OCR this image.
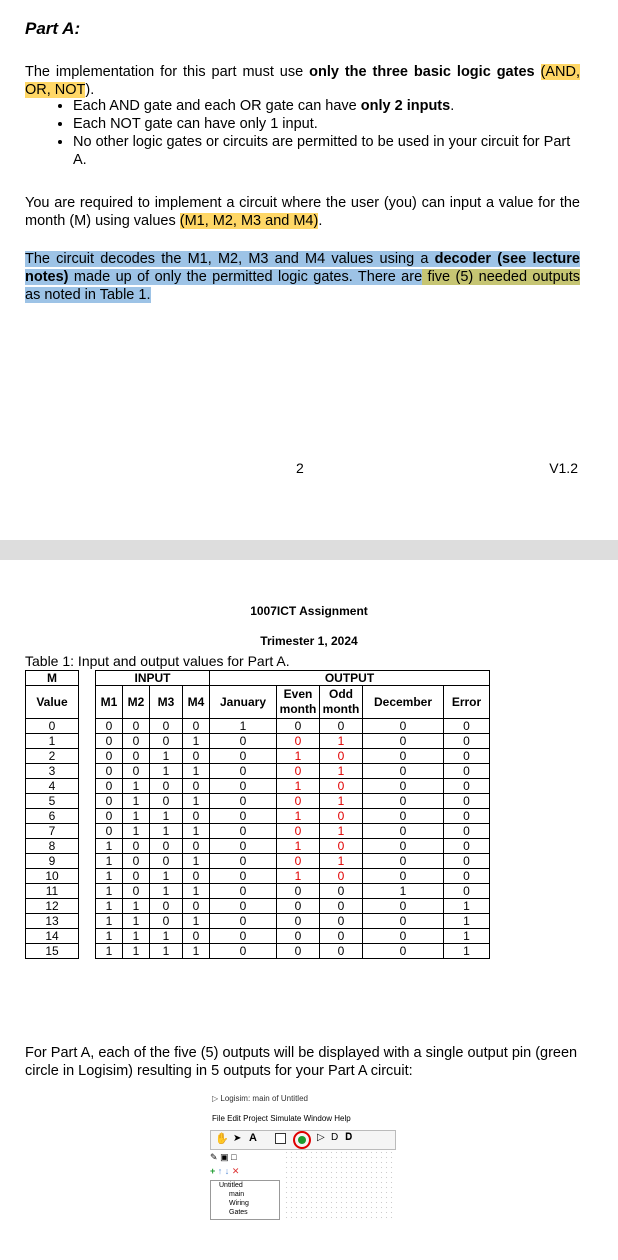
Part A:
The implementation for this part must use only the three basic logic gates (AND, OR, NOT).
• Each AND gate and each OR gate can have only 2 inputs.
• Each NOT gate can have only 1 input.
• No other logic gates or circuits are permitted to be used in your circuit for Part A.
You are required to implement a circuit where the user (you) can input a value for the month (M) using values (M1, M2, M3 and M4).
The circuit decodes the M1, M2, M3 and M4 values using a decoder (see lecture notes) made up of only the permitted logic gates. There are five (5) needed outputs as noted in Table 1.
2	V1.2
1007ICT Assignment
Trimester 1, 2024
Table 1: Input and output values for Part A.
M		INPUT				OUTPUT				
Value		M1	M2	M3	M4	January	Even month	Odd month	December	Error
0		0	0	0	0	1	0	0	0	0
1		0	0	0	1	0	0	1	0	0
2		0	0	1	0	0	1	0	0	0
3		0	0	1	1	0	0	1	0	0
4		0	1	0	0	0	1	0	0	0
5		0	1	0	1	0	0	1	0	0
6		0	1	1	0	0	1	0	0	0
7		0	1	1	1	0	0	1	0	0
8		1	0	0	0	0	1	0	0	0
9		1	0	0	1	0	0	1	0	0
10		1	0	1	0	0	1	0	0	0
11		1	0	1	1	0	0	0	1	0
12		1	1	0	0	0	0	0	0	1
13		1	1	0	1	0	0	0	0	1
14		1	1	1	0	0	0	0	0	1
15		1	1	1	1	0	0	0	0	1
For Part A, each of the five (5) outputs will be displayed with a single output pin (green circle in Logisim) resulting in 5 outputs for your Part A circuit:
▷ Logisim: main of Untitled
File Edit Project Simulate Window Help
✋ ➤ A	▷ D 𝐃
✎ ▣ □
+ ↑ ↓ ✕
Untitled
main
Wiring
Gates
